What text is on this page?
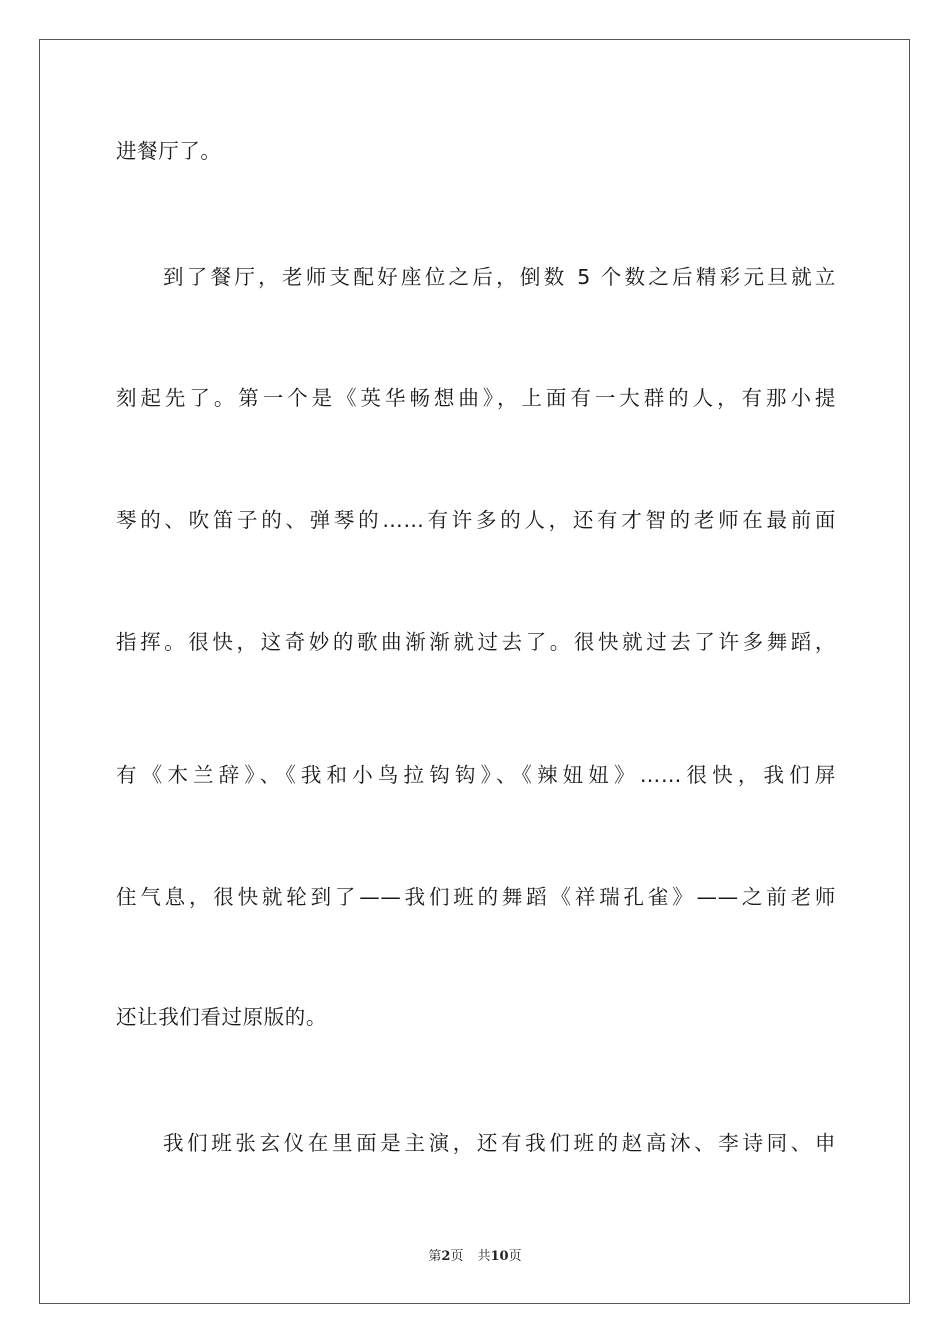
进餐厅了。
到了餐厅，老师支配好座位之后，倒数 5 个数之后精彩元旦就立
刻起先了。第一个是《英华畅想曲》，上面有一大群的人，有那小提
琴的、吹笛子的、弹琴的……有许多的人，还有才智的老师在最前面
指挥。很快，这奇妙的歌曲渐渐就过去了。很快就过去了许多舞蹈，
有《木兰辞》、《我和小鸟拉钩钩》、《辣妞妞》……很快，我们屏
住气息，很快就轮到了——我们班的舞蹈《祥瑞孔雀》——之前老师
还让我们看过原版的。
我们班张玄仪在里面是主演，还有我们班的赵高沐、李诗同、申
第2页 共10页
